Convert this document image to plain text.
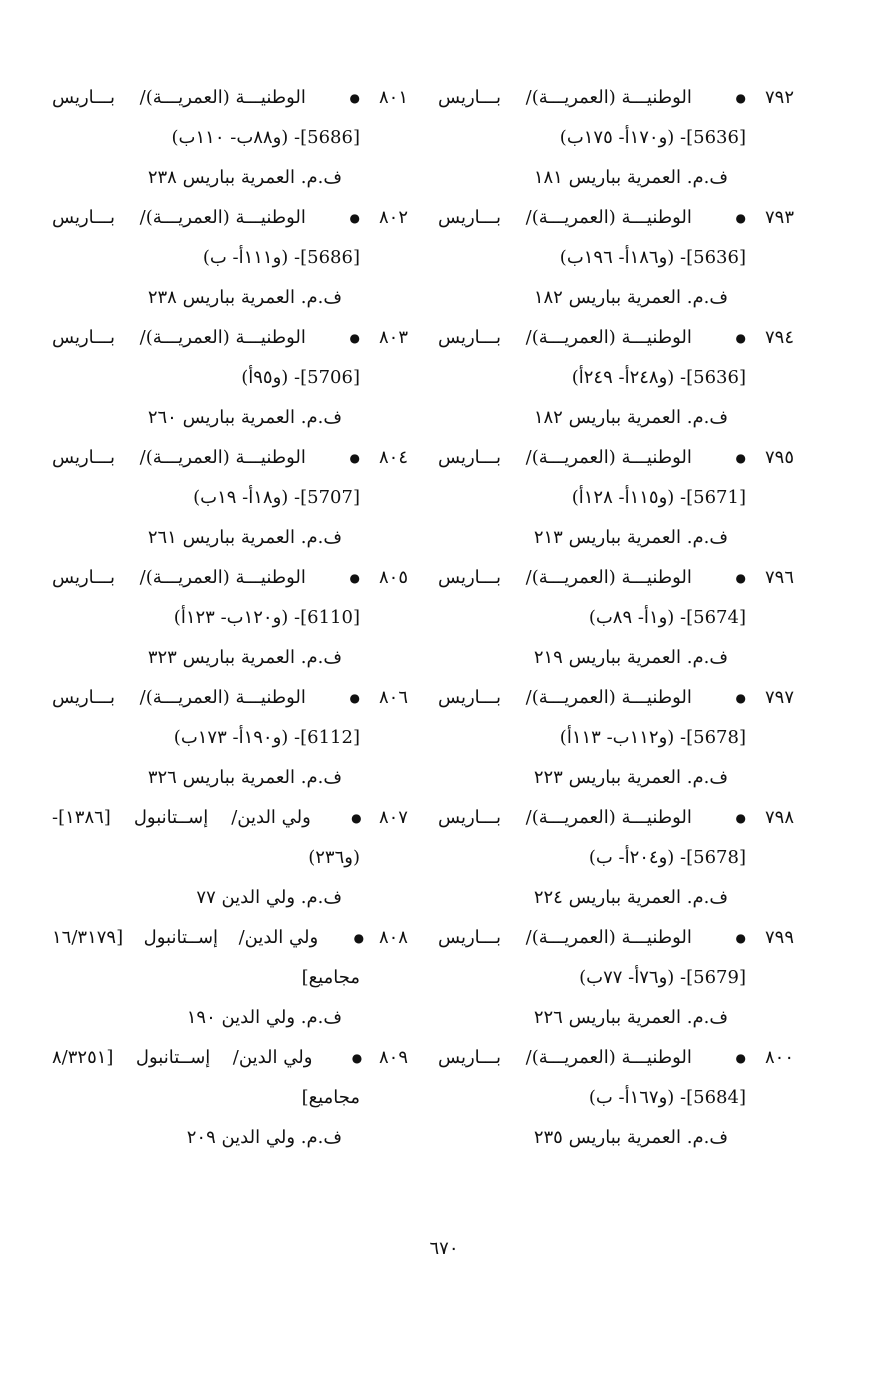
٧٩٢● الوطنيـــة (العمريـــة)/ بـــاريس
[5636]- (و١٧٠أ- ١٧٥ب)
ف.م. العمرية بباريس ١٨١
٧٩٣● الوطنيـــة (العمريـــة)/ بـــاريس
[5636]- (و١٨٦أ- ١٩٦ب)
ف.م. العمرية بباريس ١٨٢
٧٩٤● الوطنيـــة (العمريـــة)/ بـــاريس
[5636]- (و٢٤٨أ- ٢٤٩أ)
ف.م. العمرية بباريس ١٨٢
٧٩٥● الوطنيـــة (العمريـــة)/ بـــاريس
[5671]- (و١١٥أ- ١٢٨أ)
ف.م. العمرية بباريس ٢١٣
٧٩٦● الوطنيـــة (العمريـــة)/ بـــاريس
[5674]- (و١أ- ٨٩ب)
ف.م. العمرية بباريس ٢١٩
٧٩٧● الوطنيـــة (العمريـــة)/ بـــاريس
[5678]- (و١١٢ب- ١١٣أ)
ف.م. العمرية بباريس ٢٢٣
٧٩٨● الوطنيـــة (العمريـــة)/ بـــاريس
[5678]- (و٢٠٤أ- ب)
ف.م. العمرية بباريس ٢٢٤
٧٩٩● الوطنيـــة (العمريـــة)/ بـــاريس
[5679]- (و٧٦أ- ٧٧ب)
ف.م. العمرية بباريس ٢٢٦
٨٠٠● الوطنيـــة (العمريـــة)/ بـــاريس
[5684]- (و١٦٧أ- ب)
ف.م. العمرية بباريس ٢٣٥
٨٠١● الوطنيـــة (العمريـــة)/ بـــاريس
[5686]- (و٨٨ب- ١١٠ب)
ف.م. العمرية بباريس ٢٣٨
٨٠٢● الوطنيـــة (العمريـــة)/ بـــاريس
[5686]- (و١١١أ- ب)
ف.م. العمرية بباريس ٢٣٨
٨٠٣● الوطنيـــة (العمريـــة)/ بـــاريس
[5706]- (و٩٥أ)
ف.م. العمرية بباريس ٢٦٠
٨٠٤● الوطنيـــة (العمريـــة)/ بـــاريس
[5707]- (و١٨أ- ١٩ب)
ف.م. العمرية بباريس ٢٦١
٨٠٥● الوطنيـــة (العمريـــة)/ بـــاريس
[6110]- (و١٢٠ب- ١٢٣أ)
ف.م. العمرية بباريس ٣٢٣
٨٠٦● الوطنيـــة (العمريـــة)/ بـــاريس
[6112]- (و١٩٠أ- ١٧٣ب)
ف.م. العمرية بباريس ٣٢٦
٨٠٧● ولي الدين/ إســتانبول [١٣٨٦]-
(و٢٣٦)
ف.م. ولي الدين ٧٧
٨٠٨● ولي الدين/ إســتانبول [١٦/٣١٧٩
مجاميع]
ف.م. ولي الدين ١٩٠
٨٠٩● ولي الدين/ إســتانبول [٨/٣٢٥١
مجاميع]
ف.م. ولي الدين ٢٠٩
٦٧٠
